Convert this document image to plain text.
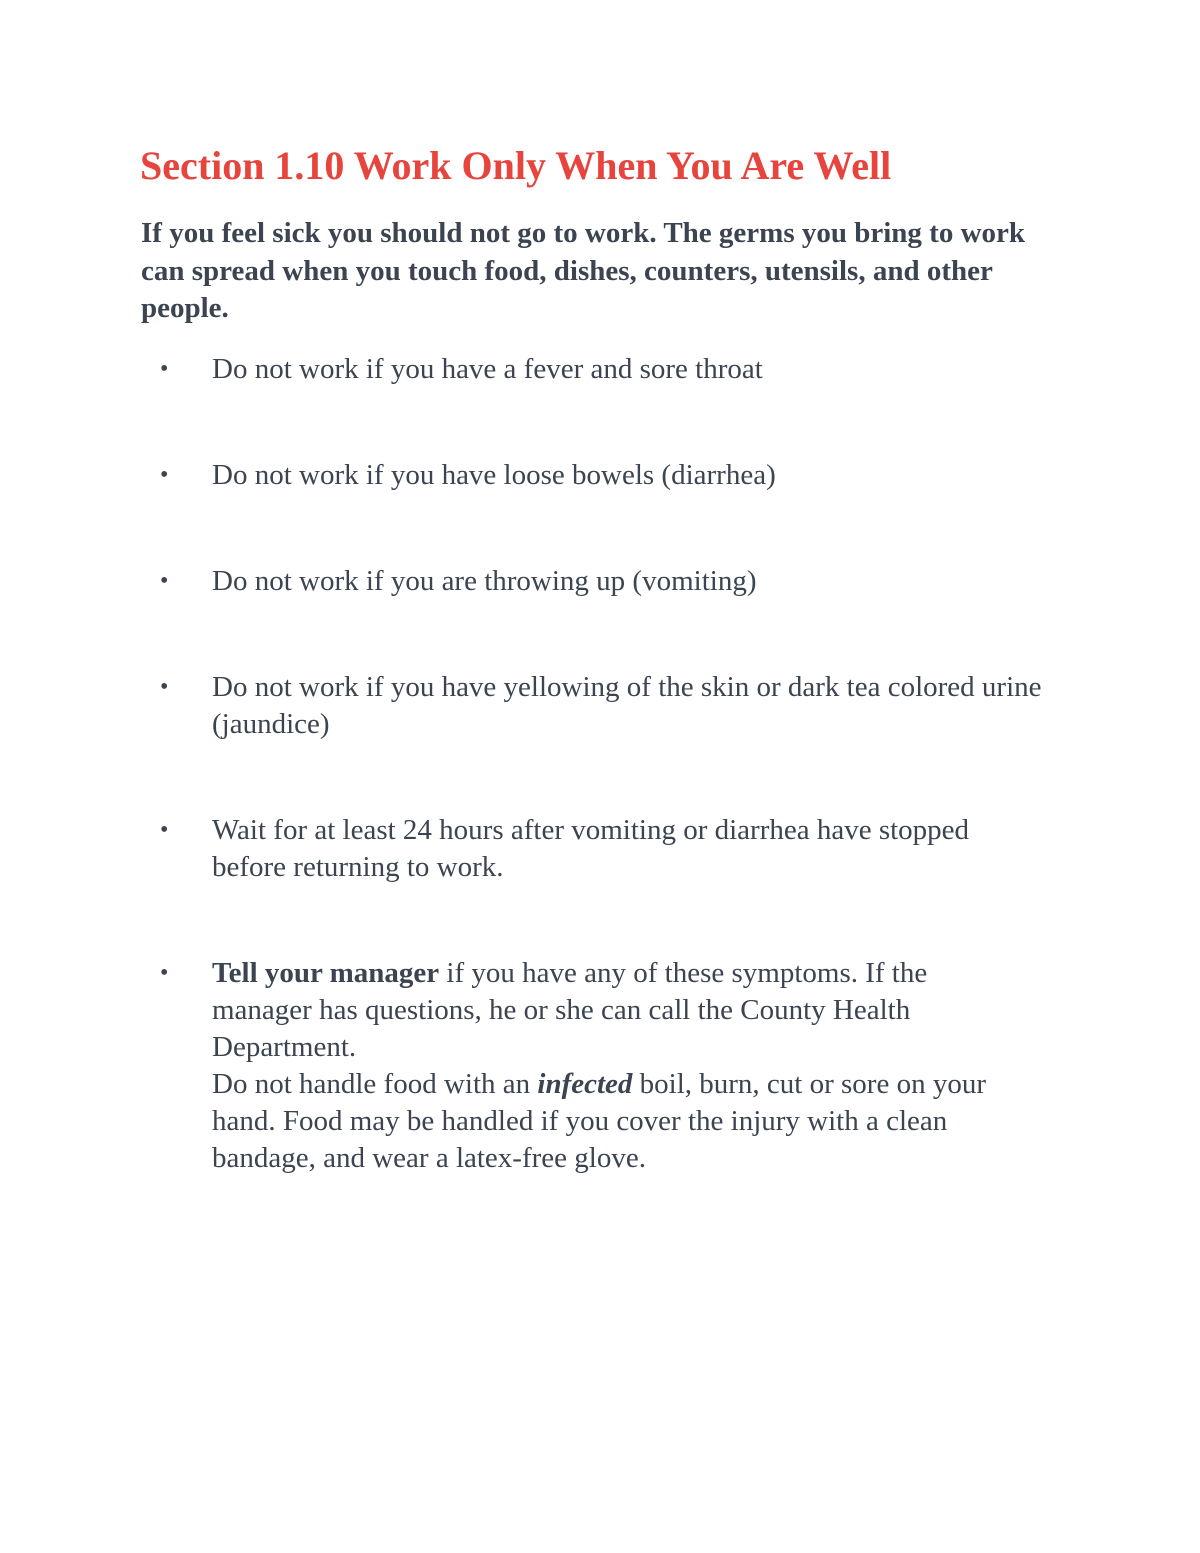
Section 1.10 Work Only When You Are Well

If you feel sick you should not go to work. The germs you bring to work can spread when you touch food, dishes, counters, utensils, and other people.

•	Do not work if you have a fever and sore throat
•	Do not work if you have loose bowels (diarrhea)
•	Do not work if you are throwing up (vomiting)
•	Do not work if you have yellowing of the skin or dark tea colored urine (jaundice)
•	Wait for at least 24 hours after vomiting or diarrhea have stopped before returning to work.
•	Tell your manager if you have any of these symptoms. If the manager has questions, he or she can call the County Health Department.
Do not handle food with an infected boil, burn, cut or sore on your hand. Food may be handled if you cover the injury with a clean bandage, and wear a latex-free glove.
